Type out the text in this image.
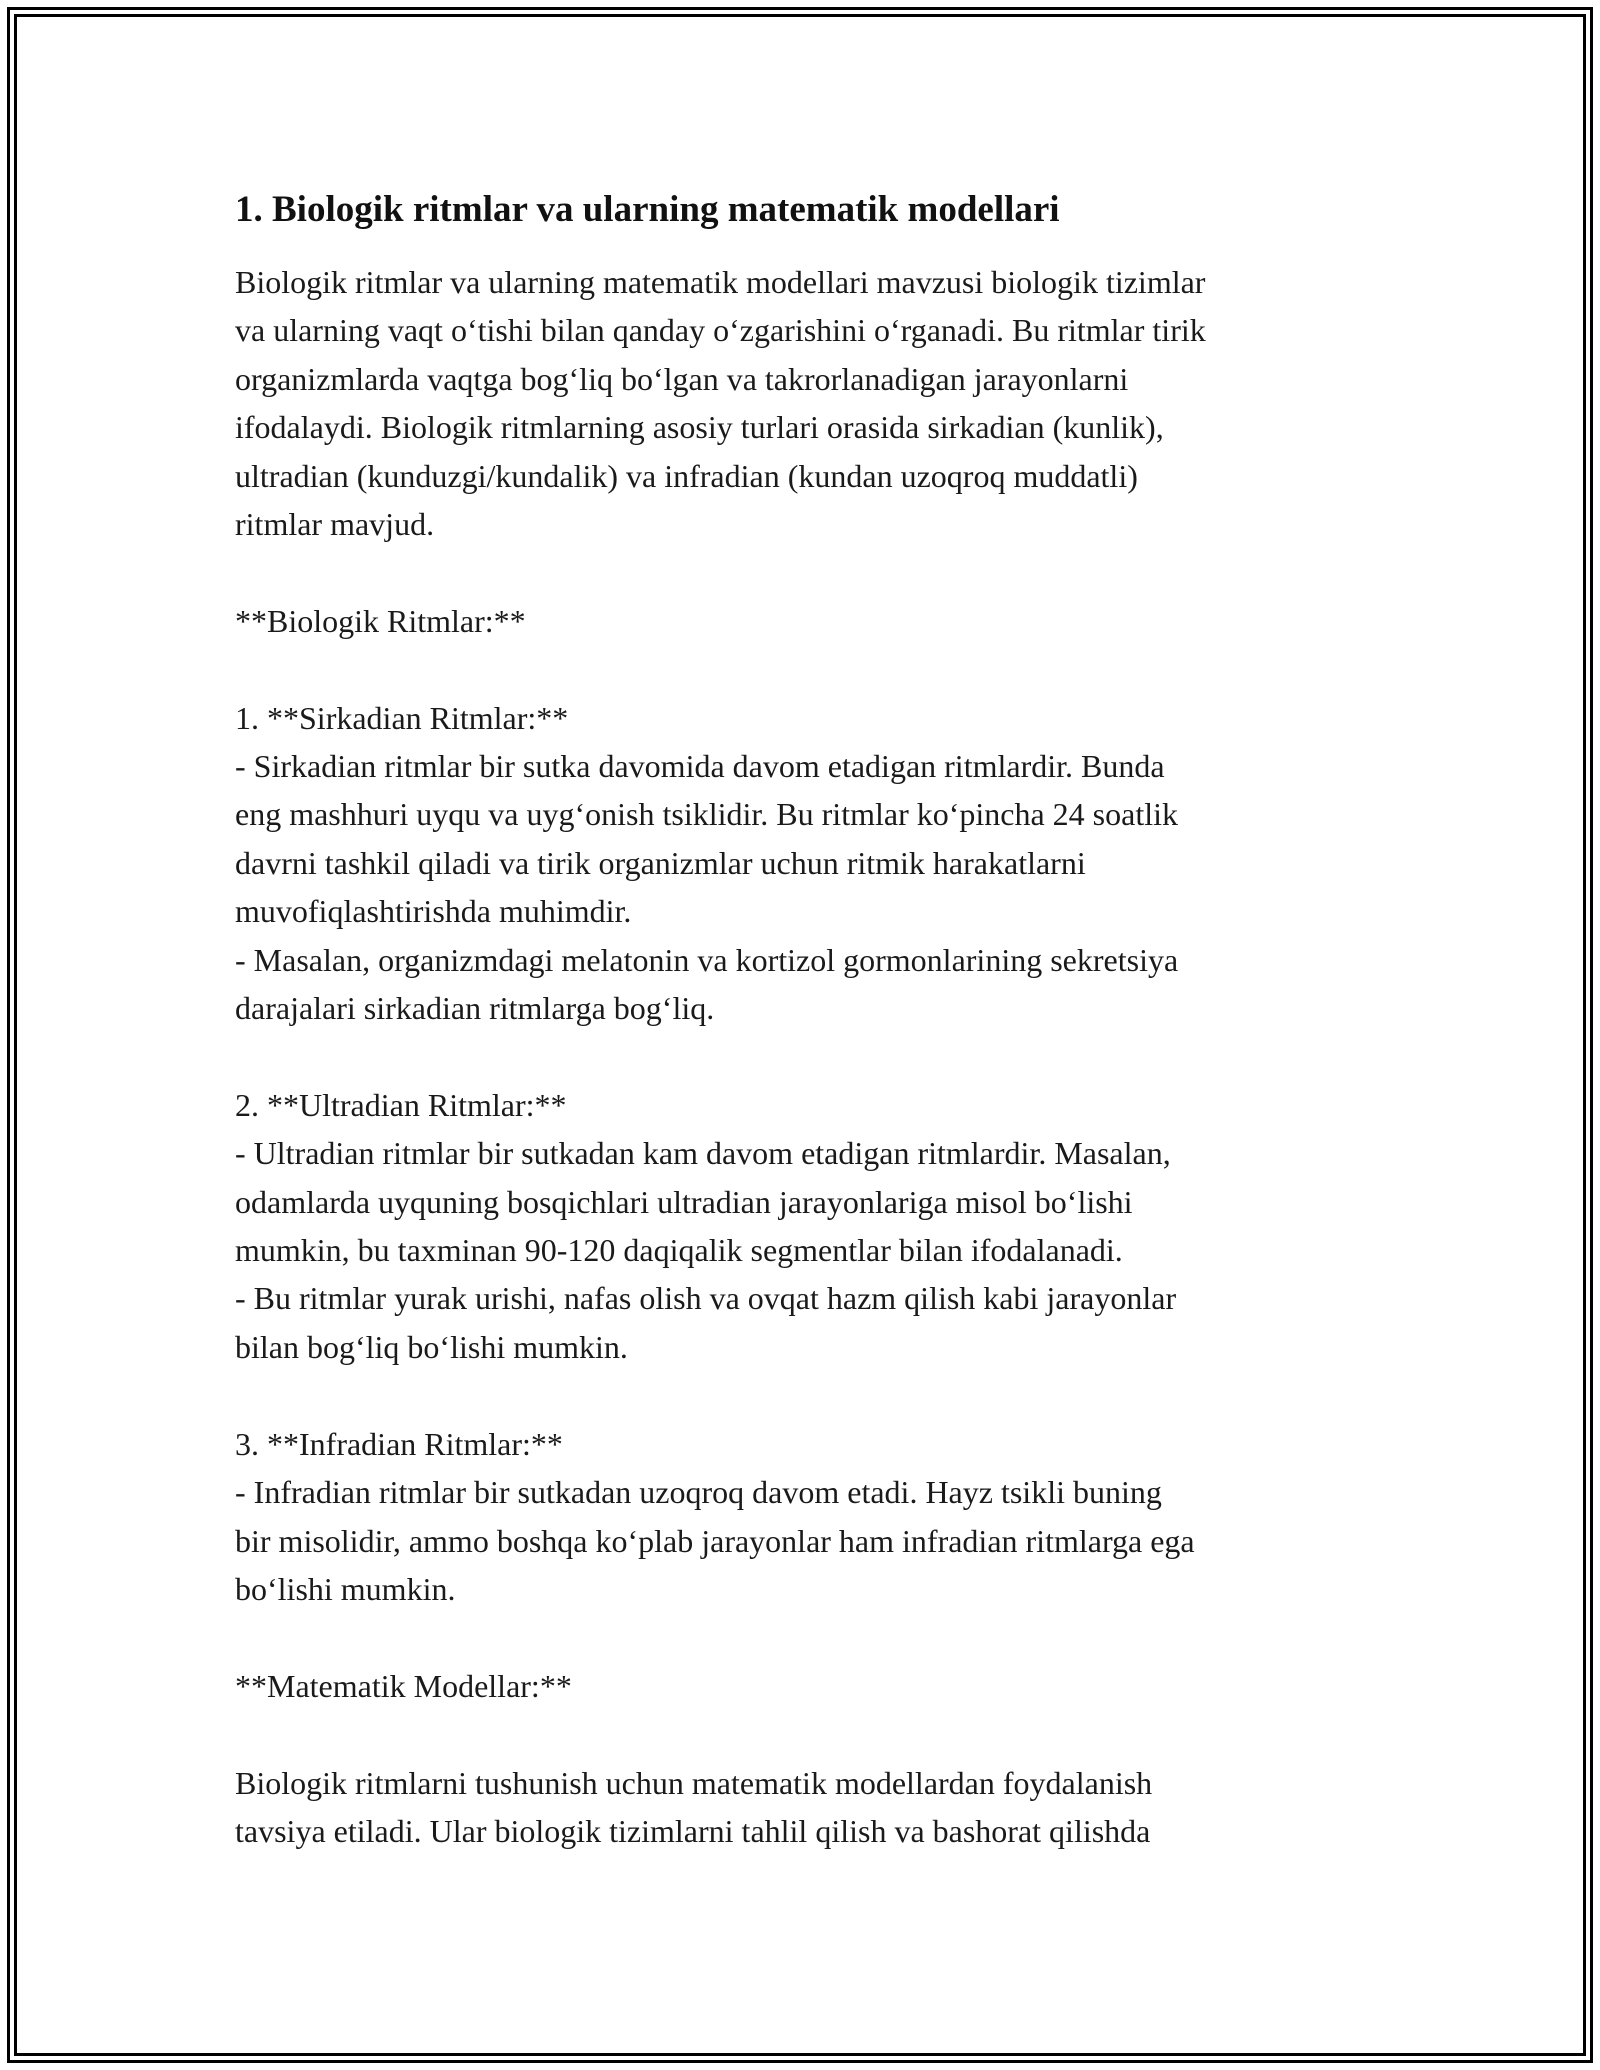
1. Biologik ritmlar va ularning matematik modellari

Biologik ritmlar va ularning matematik modellari mavzusi biologik tizimlar
va ularning vaqt o‘tishi bilan qanday o‘zgarishini o‘rganadi. Bu ritmlar tirik
organizmlarda vaqtga bog‘liq bo‘lgan va takrorlanadigan jarayonlarni
ifodalaydi. Biologik ritmlarning asosiy turlari orasida sirkadian (kunlik),
ultradian (kunduzgi/kundalik) va infradian (kundan uzoqroq muddatli)
ritmlar mavjud.

**Biologik Ritmlar:**

1. **Sirkadian Ritmlar:**
- Sirkadian ritmlar bir sutka davomida davom etadigan ritmlardir. Bunda
eng mashhuri uyqu va uyg‘onish tsiklidir. Bu ritmlar ko‘pincha 24 soatlik
davrni tashkil qiladi va tirik organizmlar uchun ritmik harakatlarni
muvofiqlashtirishda muhimdir.
- Masalan, organizmdagi melatonin va kortizol gormonlarining sekretsiya
darajalari sirkadian ritmlarga bog‘liq.

2. **Ultradian Ritmlar:**
- Ultradian ritmlar bir sutkadan kam davom etadigan ritmlardir. Masalan,
odamlarda uyquning bosqichlari ultradian jarayonlariga misol bo‘lishi
mumkin, bu taxminan 90-120 daqiqalik segmentlar bilan ifodalanadi.
- Bu ritmlar yurak urishi, nafas olish va ovqat hazm qilish kabi jarayonlar
bilan bog‘liq bo‘lishi mumkin.

3. **Infradian Ritmlar:**
- Infradian ritmlar bir sutkadan uzoqroq davom etadi. Hayz tsikli buning
bir misolidir, ammo boshqa ko‘plab jarayonlar ham infradian ritmlarga ega
bo‘lishi mumkin.

**Matematik Modellar:**

Biologik ritmlarni tushunish uchun matematik modellardan foydalanish
tavsiya etiladi. Ular biologik tizimlarni tahlil qilish va bashorat qilishda
